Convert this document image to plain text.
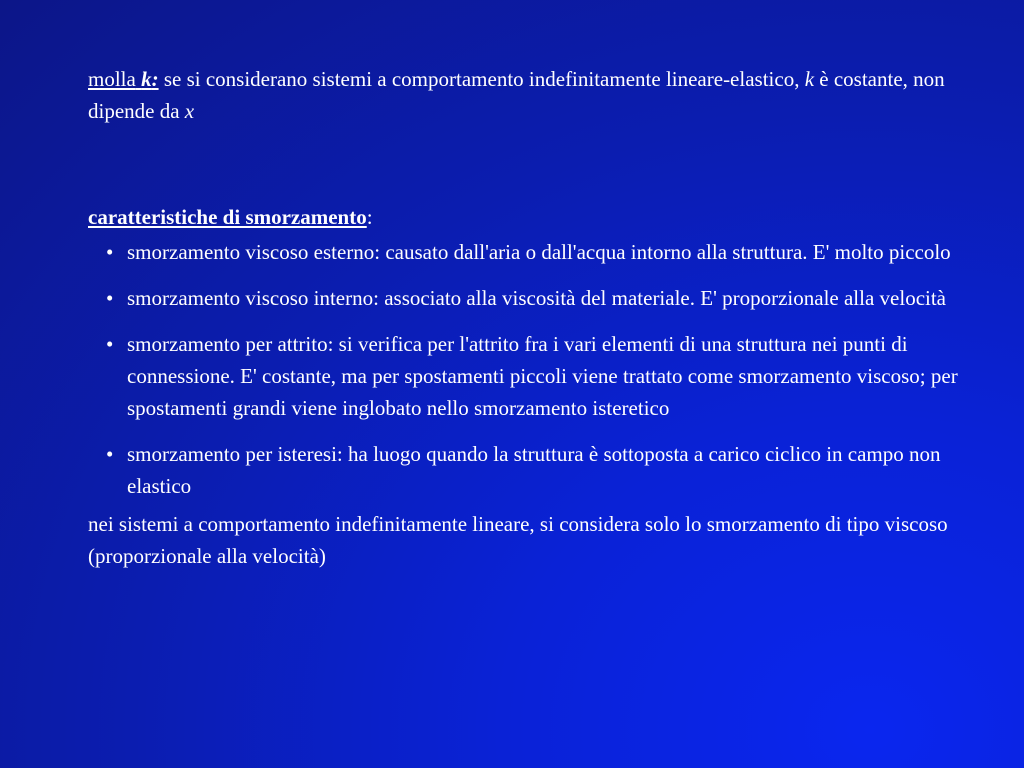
molla k: se si considerano sistemi a comportamento indefinitamente lineare-elastico, k è costante, non dipende da x

caratteristiche di smorzamento:

• smorzamento viscoso esterno: causato dall'aria o dall'acqua intorno alla struttura. E' molto piccolo
• smorzamento viscoso interno: associato alla viscosità del materiale. E' proporzionale alla velocità
• smorzamento per attrito: si verifica per l'attrito fra i vari elementi di una struttura nei punti di connessione. E' costante, ma per spostamenti piccoli viene trattato come smorzamento viscoso; per spostamenti grandi viene inglobato nello smorzamento isteretico
• smorzamento per isteresi: ha luogo quando la struttura è sottoposta a carico ciclico in campo non elastico

nei sistemi a comportamento indefinitamente lineare, si considera solo lo smorzamento di tipo viscoso (proporzionale alla velocità)
